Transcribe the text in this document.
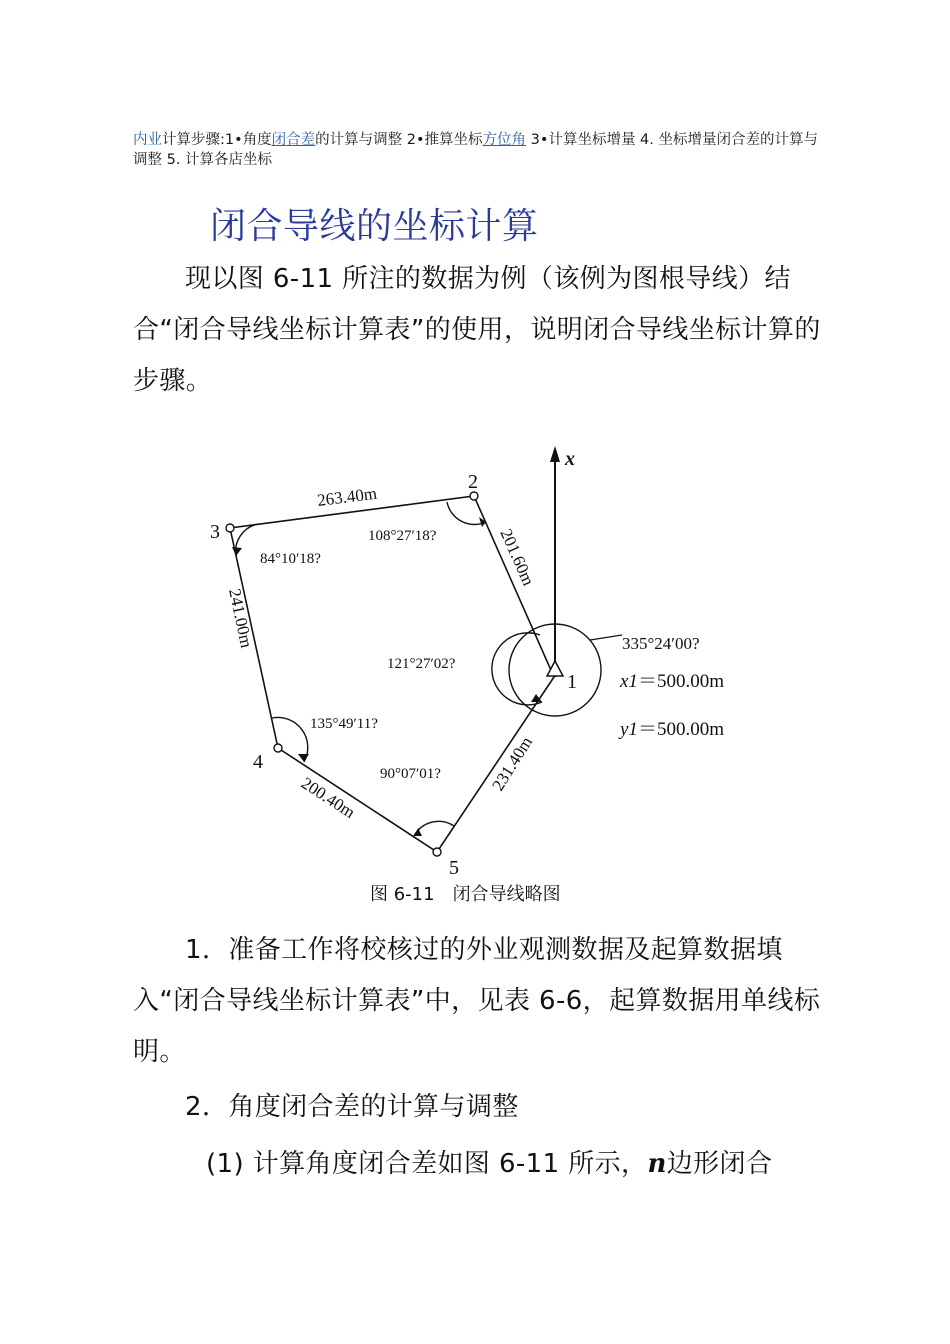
内业计算步骤:1•角度闭合差的计算与调整 2•推算坐标方位角 3•计算坐标增量 4. 坐标增量闭合差的计算与调整 5. 计算各店坐标
闭合导线的坐标计算
现以图 6-11 所注的数据为例（该例为图根导线）结合“闭合导线坐标计算表”的使用，说明闭合导线坐标计算的步骤。
x
2
3
1
4
5
263.40m
201.60m
241.00m
200.40m
231.40m
108°27′18?
84°10′18?
135°49′11?
90°07′01?
121°27′02?
335°24′00?
x1＝500.00m
y1＝500.00m
图 6-11　闭合导线略图
1．准备工作将校核过的外业观测数据及起算数据填入“闭合导线坐标计算表”中，见表 6-6，起算数据用单线标明。
2．角度闭合差的计算与调整
(1) 计算角度闭合差如图 6-11 所示，n边形闭合
